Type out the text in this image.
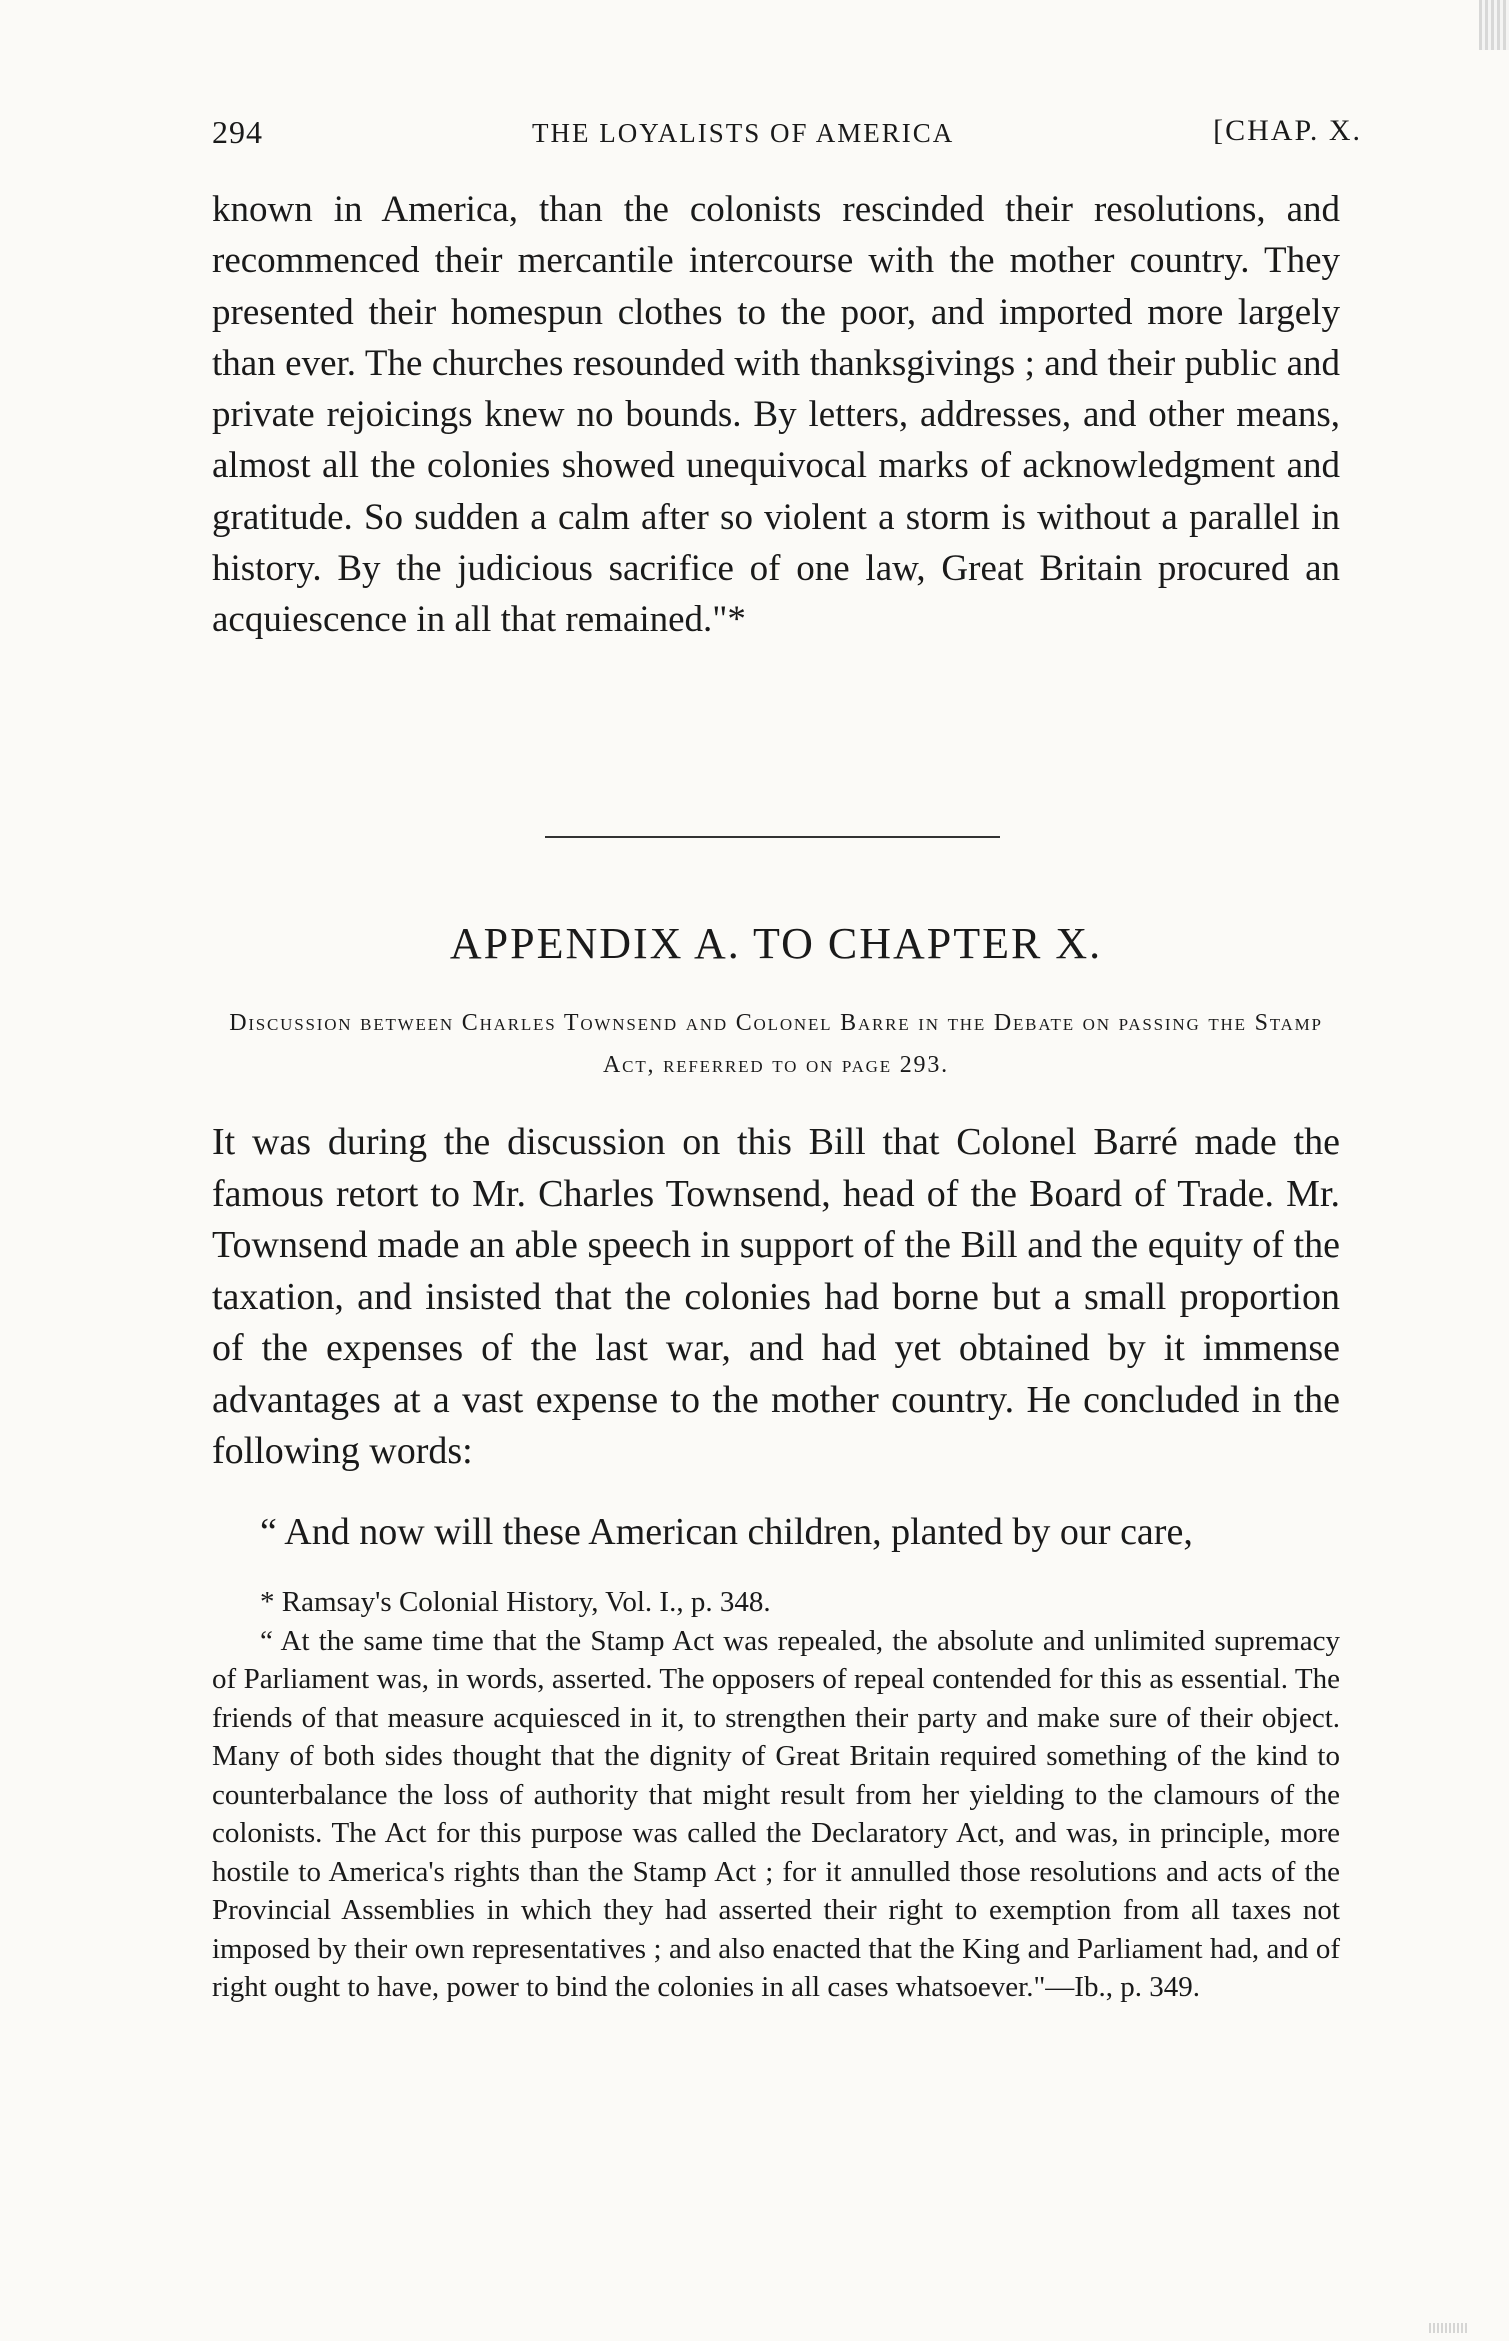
294	THE LOYALISTS OF AMERICA	[CHAP. X.

known in America, than the colonists rescinded their resolutions, and recommenced their mercantile intercourse with the mother country. They presented their homespun clothes to the poor, and imported more largely than ever. The churches resounded with thanksgivings ; and their public and private rejoicings knew no bounds. By letters, addresses, and other means, almost all the colonies showed unequivocal marks of acknowledgment and gratitude. So sudden a calm after so violent a storm is without a parallel in history. By the judicious sacrifice of one law, Great Britain procured an acquiescence in all that remained."*

APPENDIX A. TO CHAPTER X.

Discussion between Charles Townsend and Colonel Barre in the Debate on passing the Stamp Act, referred to on page 293.

It was during the discussion on this Bill that Colonel Barré made the famous retort to Mr. Charles Townsend, head of the Board of Trade. Mr. Townsend made an able speech in support of the Bill and the equity of the taxation, and insisted that the colonies had borne but a small proportion of the expenses of the last war, and had yet obtained by it immense advantages at a vast expense to the mother country. He concluded in the following words:

“ And now will these American children, planted by our care,

* Ramsay's Colonial History, Vol. I., p. 348.

“ At the same time that the Stamp Act was repealed, the absolute and unlimited supremacy of Parliament was, in words, asserted. The opposers of repeal contended for this as essential. The friends of that measure acquiesced in it, to strengthen their party and make sure of their object. Many of both sides thought that the dignity of Great Britain required something of the kind to counterbalance the loss of authority that might result from her yielding to the clamours of the colonists. The Act for this purpose was called the Declaratory Act, and was, in principle, more hostile to America's rights than the Stamp Act ; for it annulled those resolutions and acts of the Provincial Assemblies in which they had asserted their right to exemption from all taxes not imposed by their own representatives ; and also enacted that the King and Parliament had, and of right ought to have, power to bind the colonies in all cases whatsoever."—Ib., p. 349.
